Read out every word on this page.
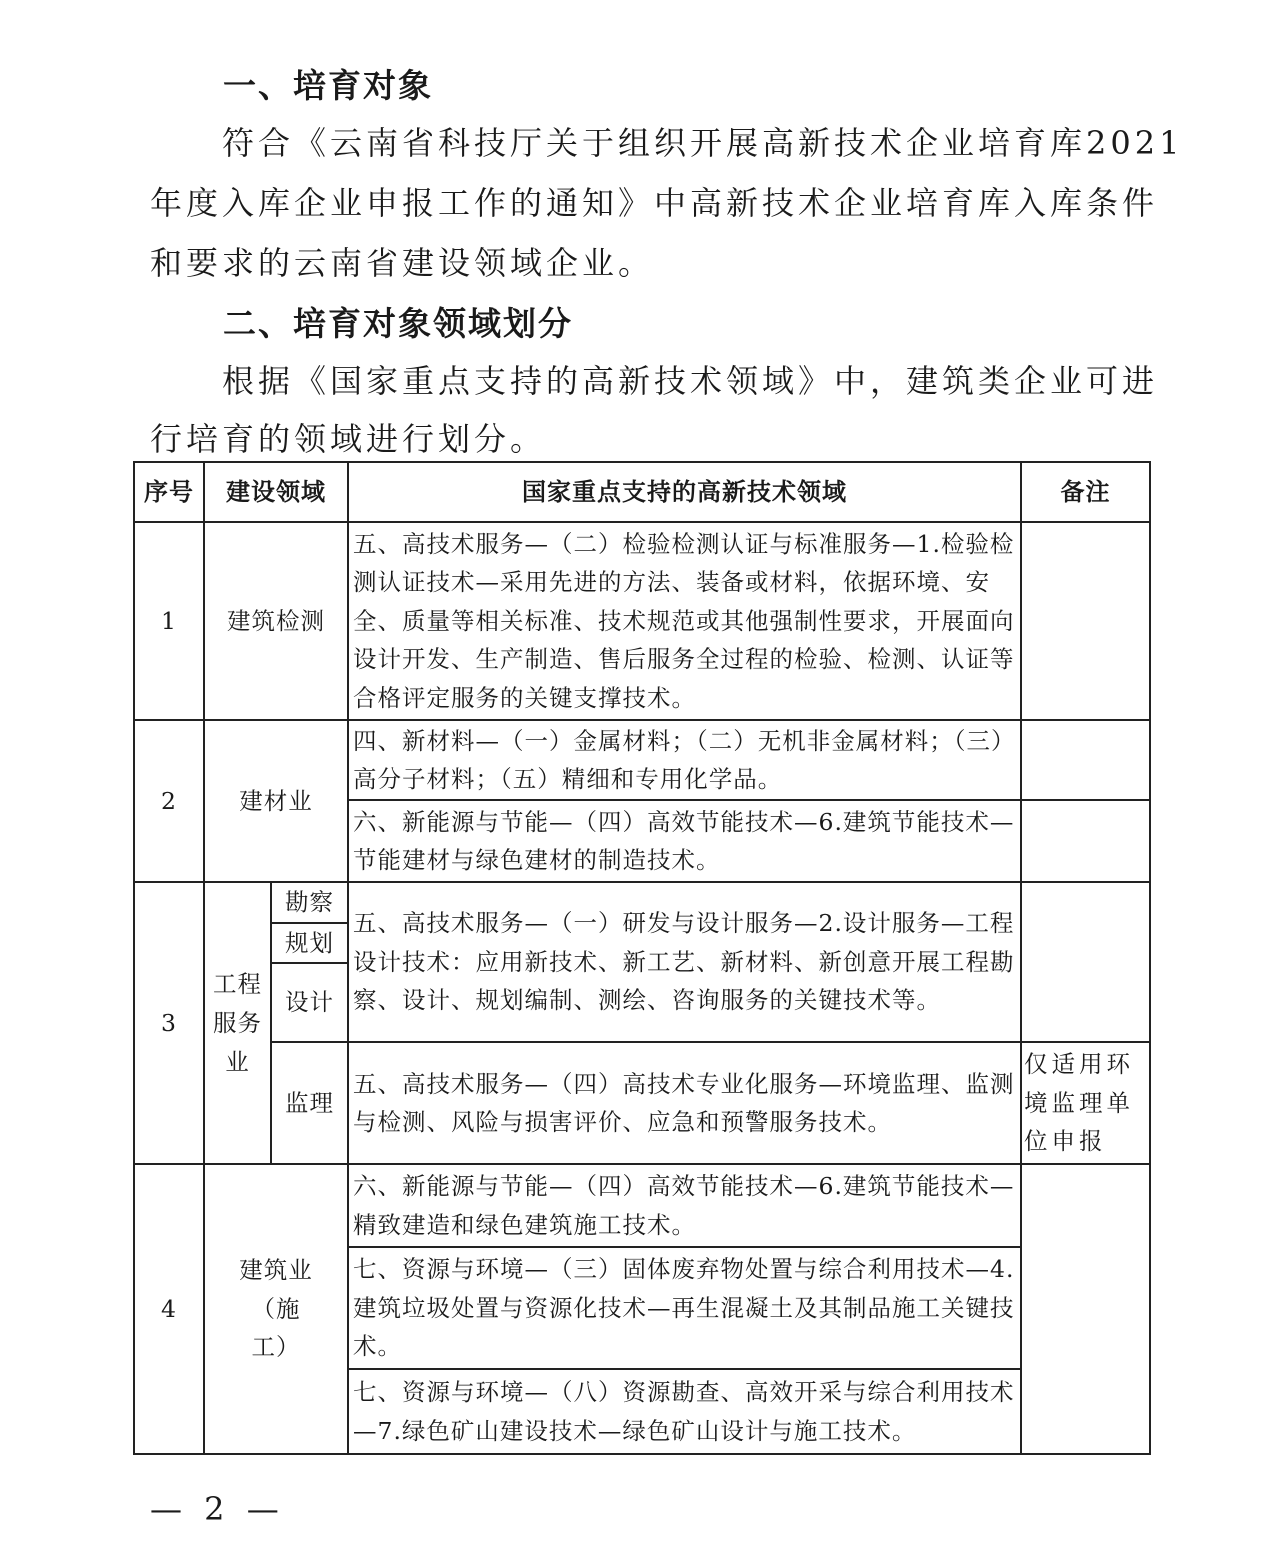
一、培育对象
符合《云南省科技厅关于组织开展高新技术企业培育库2021
年度入库企业申报工作的通知》中高新技术企业培育库入库条件
和要求的云南省建设领域企业。
二、培育对象领域划分
根据《国家重点支持的高新技术领域》中，建筑类企业可进
行培育的领域进行划分。
序号	建设领域		国家重点支持的高新技术领域	备注
1	建筑检测		五、高技术服务—（二）检验检测认证与标准服务—1.检验检测认证技术—采用先进的方法、装备或材料，依据环境、安全、质量等相关标准、技术规范或其他强制性要求，开展面向设计开发、生产制造、售后服务全过程的检验、检测、认证等合格评定服务的关键支撑技术。	
2	建材业		四、新材料—（一）金属材料；（二）无机非金属材料；（三）高分子材料；（五）精细和专用化学品。	
			六、新能源与节能—（四）高效节能技术—6.建筑节能技术—节能建材与绿色建材的制造技术。	
3	工程服务业	勘察	五、高技术服务—（一）研发与设计服务—2.设计服务—工程设计技术：应用新技术、新工艺、新材料、新创意开展工程勘察、设计、规划编制、测绘、咨询服务的关键技术等。	
		规划		
		设计		
		监理	五、高技术服务—（四）高技术专业化服务—环境监理、监测与检测、风险与损害评价、应急和预警服务技术。	仅适用环境监理单位申报
4	建筑业（施工）		六、新能源与节能—（四）高效节能技术—6.建筑节能技术—精致建造和绿色建筑施工技术。	
			七、资源与环境—（三）固体废弃物处置与综合利用技术—4.建筑垃圾处置与资源化技术—再生混凝土及其制品施工关键技术。	
			七、资源与环境—（八）资源勘查、高效开采与综合利用技术—7.绿色矿山建设技术—绿色矿山设计与施工技术。	
— 2 —
